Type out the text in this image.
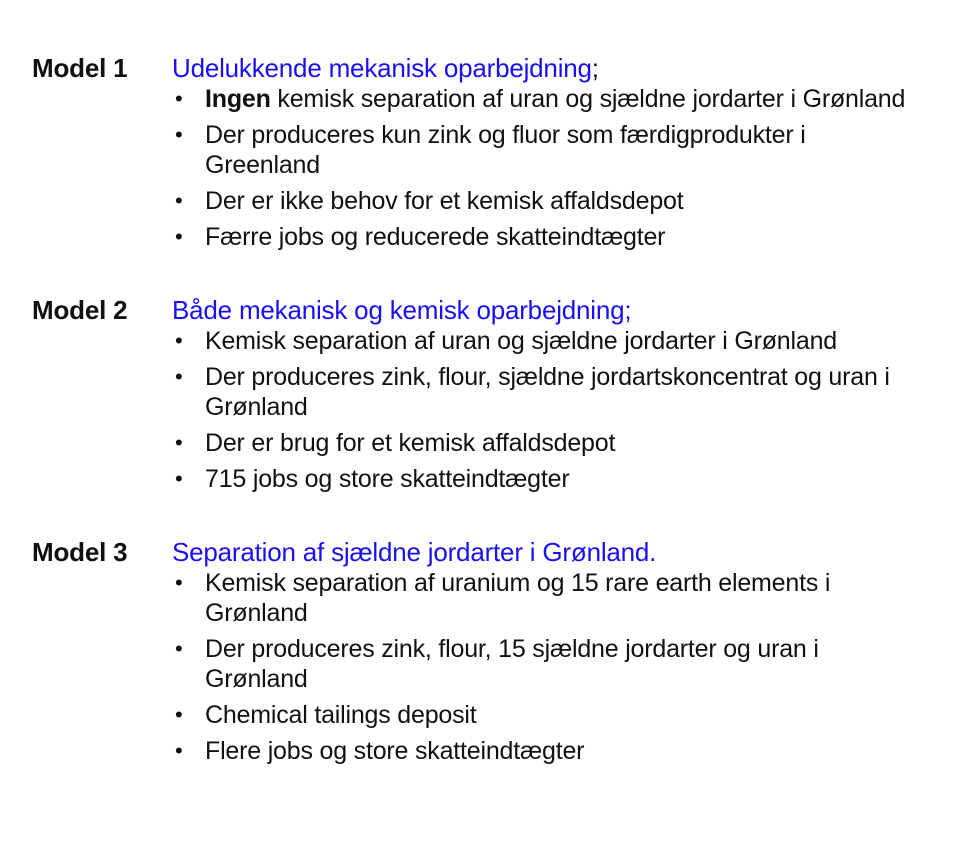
Model 1 Udelukkende mekanisk oparbejdning;
• Ingen kemisk separation af uran og sjældne jordarter i Grønland
• Der produceres kun zink og fluor som færdigprodukter i Greenland
• Der er ikke behov for et kemisk affaldsdepot
• Færre jobs og reducerede skatteindtægter
Model 2 Både mekanisk og kemisk oparbejdning;
• Kemisk separation af uran og sjældne jordarter i Grønland
• Der produceres zink, flour, sjældne jordartskoncentrat og uran i Grønland
• Der er brug for et kemisk affaldsdepot
• 715 jobs og store skatteindtægter
Model 3 Separation af sjældne jordarter i Grønland.
• Kemisk separation af uranium og 15 rare earth elements i Grønland
• Der produceres zink, flour, 15 sjældne jordarter og uran i Grønland
• Chemical tailings deposit
• Flere jobs og store skatteindtægter
